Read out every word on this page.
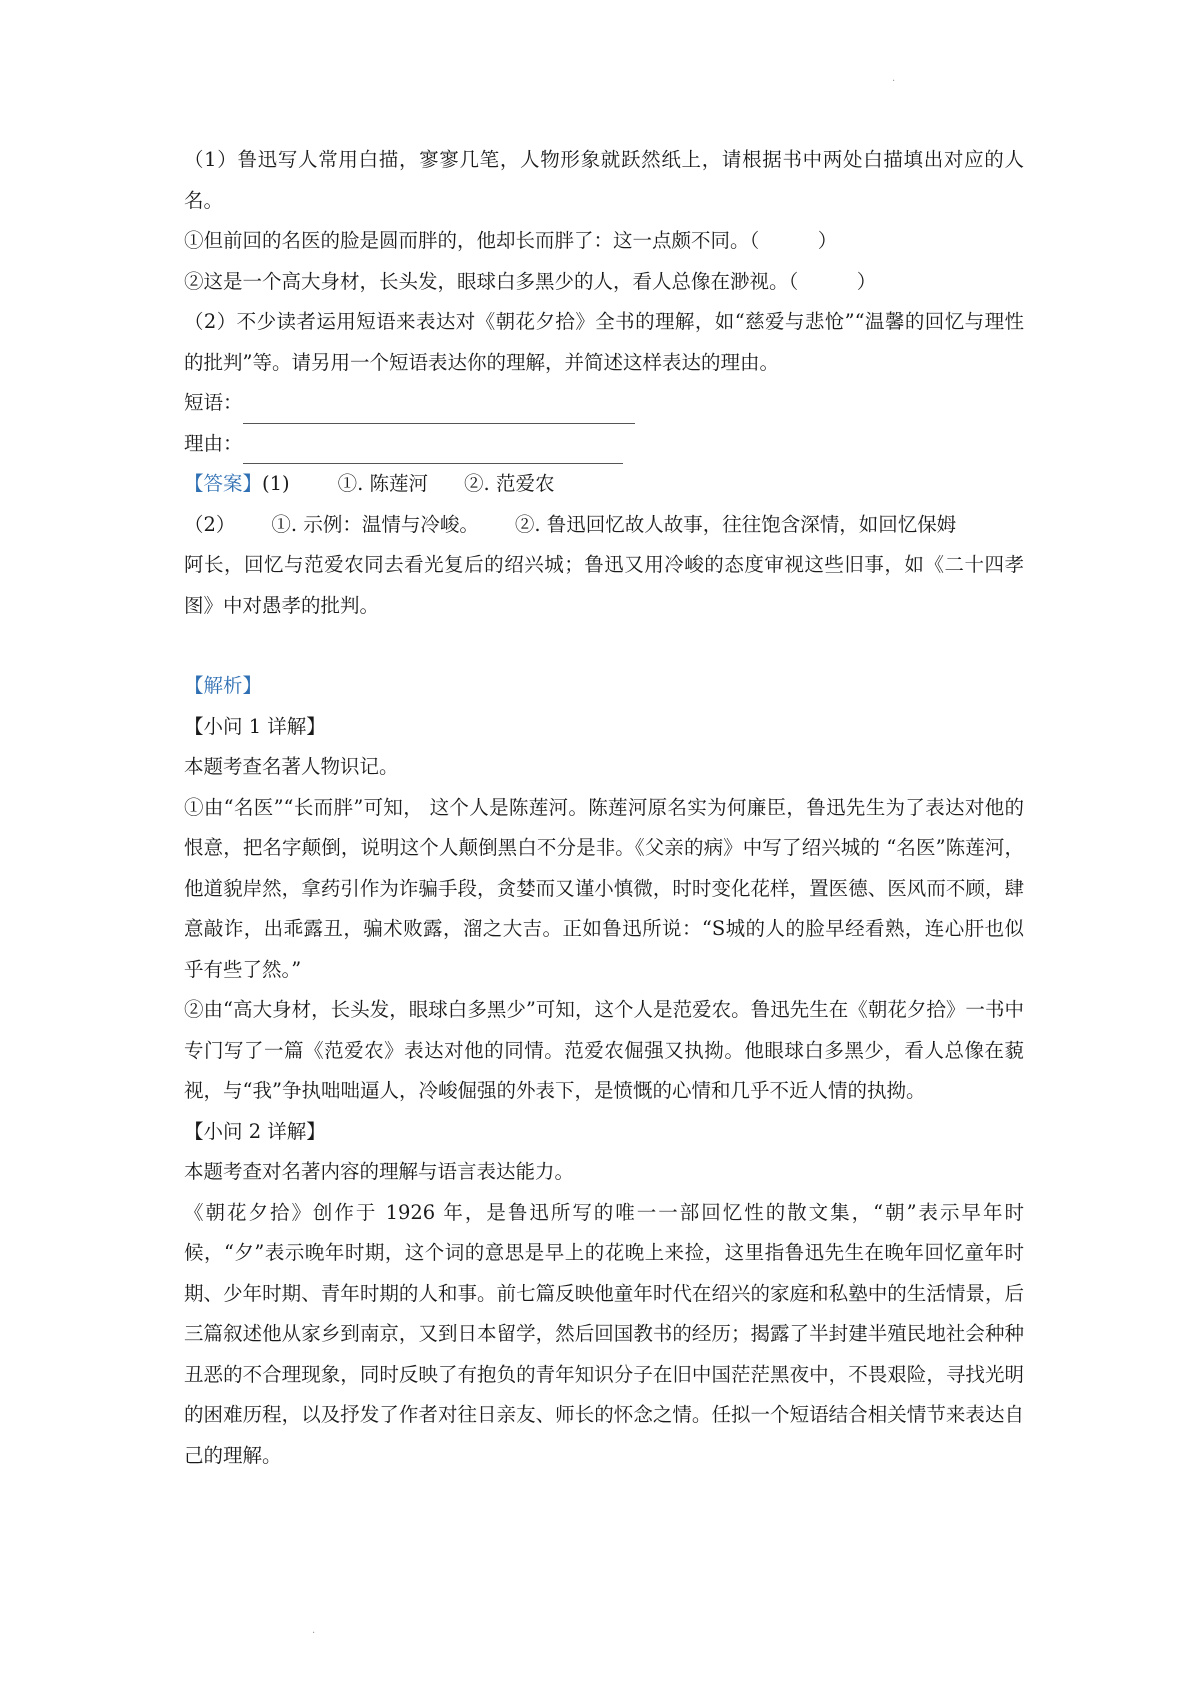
·

（1）鲁迅写人常用白描，寥寥几笔，人物形象就跃然纸上，请根据书中两处白描填出对应的人名。

①但前回的名医的脸是圆而胖的，他却长而胖了：这一点颇不同。（　　　）

②这是一个高大身材，长头发，眼球白多黑少的人，看人总像在渺视。（　　　）

（2）不少读者运用短语来表达对《朝花夕拾》全书的理解，如“慈爱与悲怆”“温馨的回忆与理性的批判”等。请另用一个短语表达你的理解，并简述这样表达的理由。

短语：

理由：

【答案】(1) ①. 陈莲河 ②. 范爱农

（2） ①. 示例：温情与冷峻。 ②. 鲁迅回忆故人故事，往往饱含深情，如回忆保姆

阿长，回忆与范爱农同去看光复后的绍兴城；鲁迅又用冷峻的态度审视这些旧事，如《二十四孝图》中对愚孝的批判。

【解析】

【小问 1 详解】

本题考查名著人物识记。

①由“名医”“长而胖”可知， 这个人是陈莲河。陈莲河原名实为何廉臣，鲁迅先生为了表达对他的恨意，把名字颠倒，说明这个人颠倒黑白不分是非。《父亲的病》中写了绍兴城的 “名医”陈莲河，他道貌岸然，拿药引作为诈骗手段，贪婪而又谨小慎微，时时变化花样，置医德、医风而不顾，肆意敲诈，出乖露丑，骗术败露，溜之大吉。正如鲁迅所说：“S城的人的脸早经看熟，连心肝也似乎有些了然。”

②由“高大身材，长头发，眼球白多黑少”可知，这个人是范爱农。鲁迅先生在《朝花夕拾》一书中专门写了一篇《范爱农》表达对他的同情。范爱农倔强又执拗。他眼球白多黑少，看人总像在藐视，与“我”争执咄咄逼人，冷峻倔强的外表下，是愤慨的心情和几乎不近人情的执拗。

【小问 2 详解】

本题考查对名著内容的理解与语言表达能力。

《朝花夕拾》创作于 1926 年，是鲁迅所写的唯一一部回忆性的散文集，“朝”表示早年时候，“夕”表示晚年时期，这个词的意思是早上的花晚上来捡，这里指鲁迅先生在晚年回忆童年时期、少年时期、青年时期的人和事。前七篇反映他童年时代在绍兴的家庭和私塾中的生活情景，后三篇叙述他从家乡到南京，又到日本留学，然后回国教书的经历；揭露了半封建半殖民地社会种种丑恶的不合理现象，同时反映了有抱负的青年知识分子在旧中国茫茫黑夜中，不畏艰险，寻找光明的困难历程，以及抒发了作者对往日亲友、师长的怀念之情。任拟一个短语结合相关情节来表达自己的理解。

·
